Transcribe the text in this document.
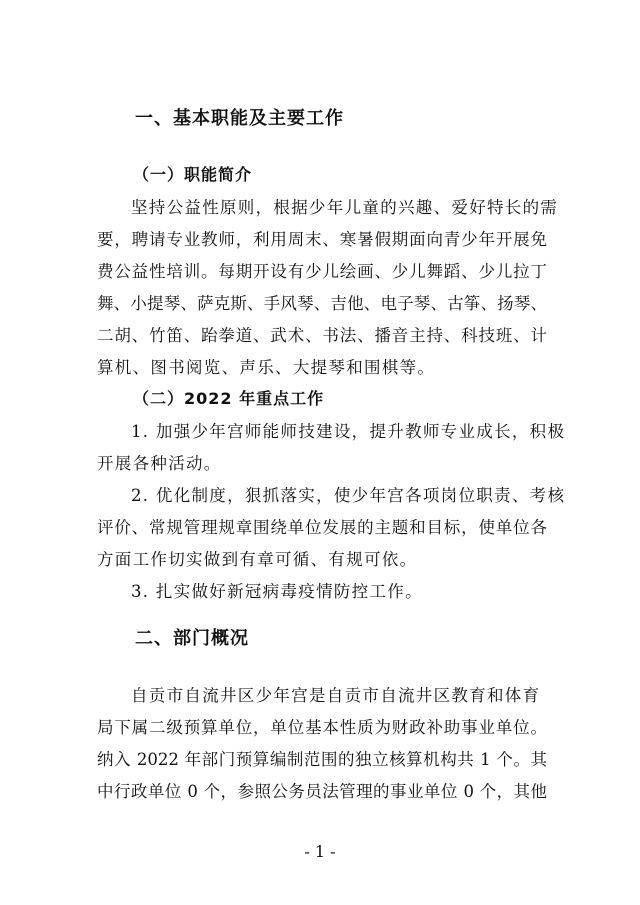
一、基本职能及主要工作
（一）职能简介
坚持公益性原则，根据少年儿童的兴趣、爱好特长的需
要，聘请专业教师，利用周末、寒暑假期面向青少年开展免
费公益性培训。每期开设有少儿绘画、少儿舞蹈、少儿拉丁
舞、小提琴、萨克斯、手风琴、吉他、电子琴、古筝、扬琴、
二胡、竹笛、跆拳道、武术、书法、播音主持、科技班、计
算机、图书阅览、声乐、大提琴和围棋等。
（二）2022 年重点工作
1. 加强少年宫师能师技建设，提升教师专业成长，积极
开展各种活动。
2. 优化制度，狠抓落实，使少年宫各项岗位职责、考核
评价、常规管理规章围绕单位发展的主题和目标，使单位各
方面工作切实做到有章可循、有规可依。
3. 扎实做好新冠病毒疫情防控工作。
二、部门概况
自贡市自流井区少年宫是自贡市自流井区教育和体育
局下属二级预算单位，单位基本性质为财政补助事业单位。
纳入 2022 年部门预算编制范围的独立核算机构共 1 个。其
中行政单位 0 个，参照公务员法管理的事业单位 0 个，其他
- 1 -
